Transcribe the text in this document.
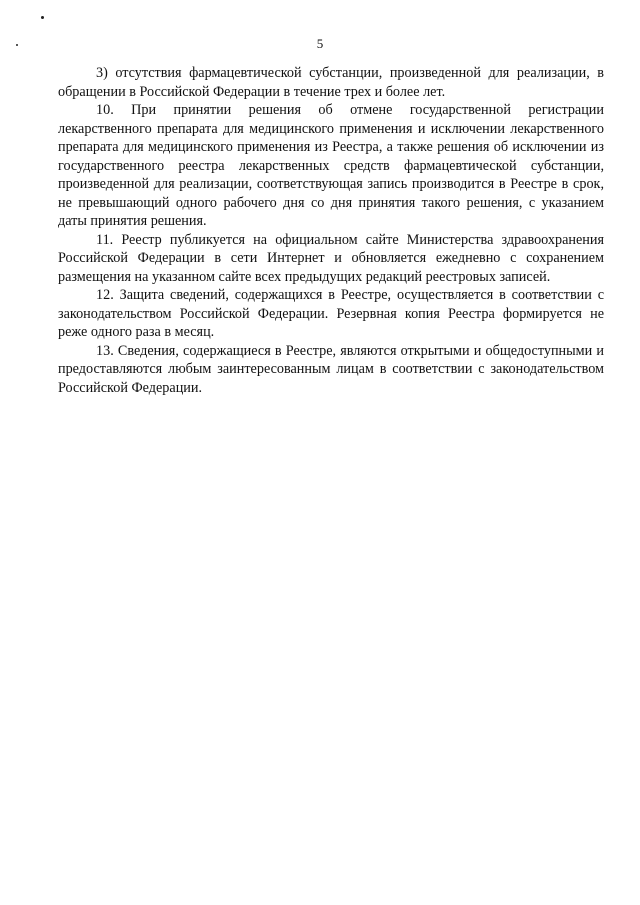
5

3) отсутствия фармацевтической субстанции, произведенной для реализации, в обращении в Российской Федерации в течение трех и более лет.

10. При принятии решения об отмене государственной регистрации лекарственного препарата для медицинского применения и исключении лекарственного препарата для медицинского применения из Реестра, а также решения об исключении из государственного реестра лекарственных средств фармацевтической субстанции, произведенной для реализации, соответствующая запись производится в Реестре в срок, не превышающий одного рабочего дня со дня принятия такого решения, с указанием даты принятия решения.

11. Реестр публикуется на официальном сайте Министерства здравоохранения Российской Федерации в сети Интернет и обновляется ежедневно с сохранением размещения на указанном сайте всех предыдущих редакций реестровых записей.

12. Защита сведений, содержащихся в Реестре, осуществляется в соответствии с законодательством Российской Федерации. Резервная копия Реестра формируется не реже одного раза в месяц.

13. Сведения, содержащиеся в Реестре, являются открытыми и общедоступными и предоставляются любым заинтересованным лицам в соответствии с законодательством Российской Федерации.
